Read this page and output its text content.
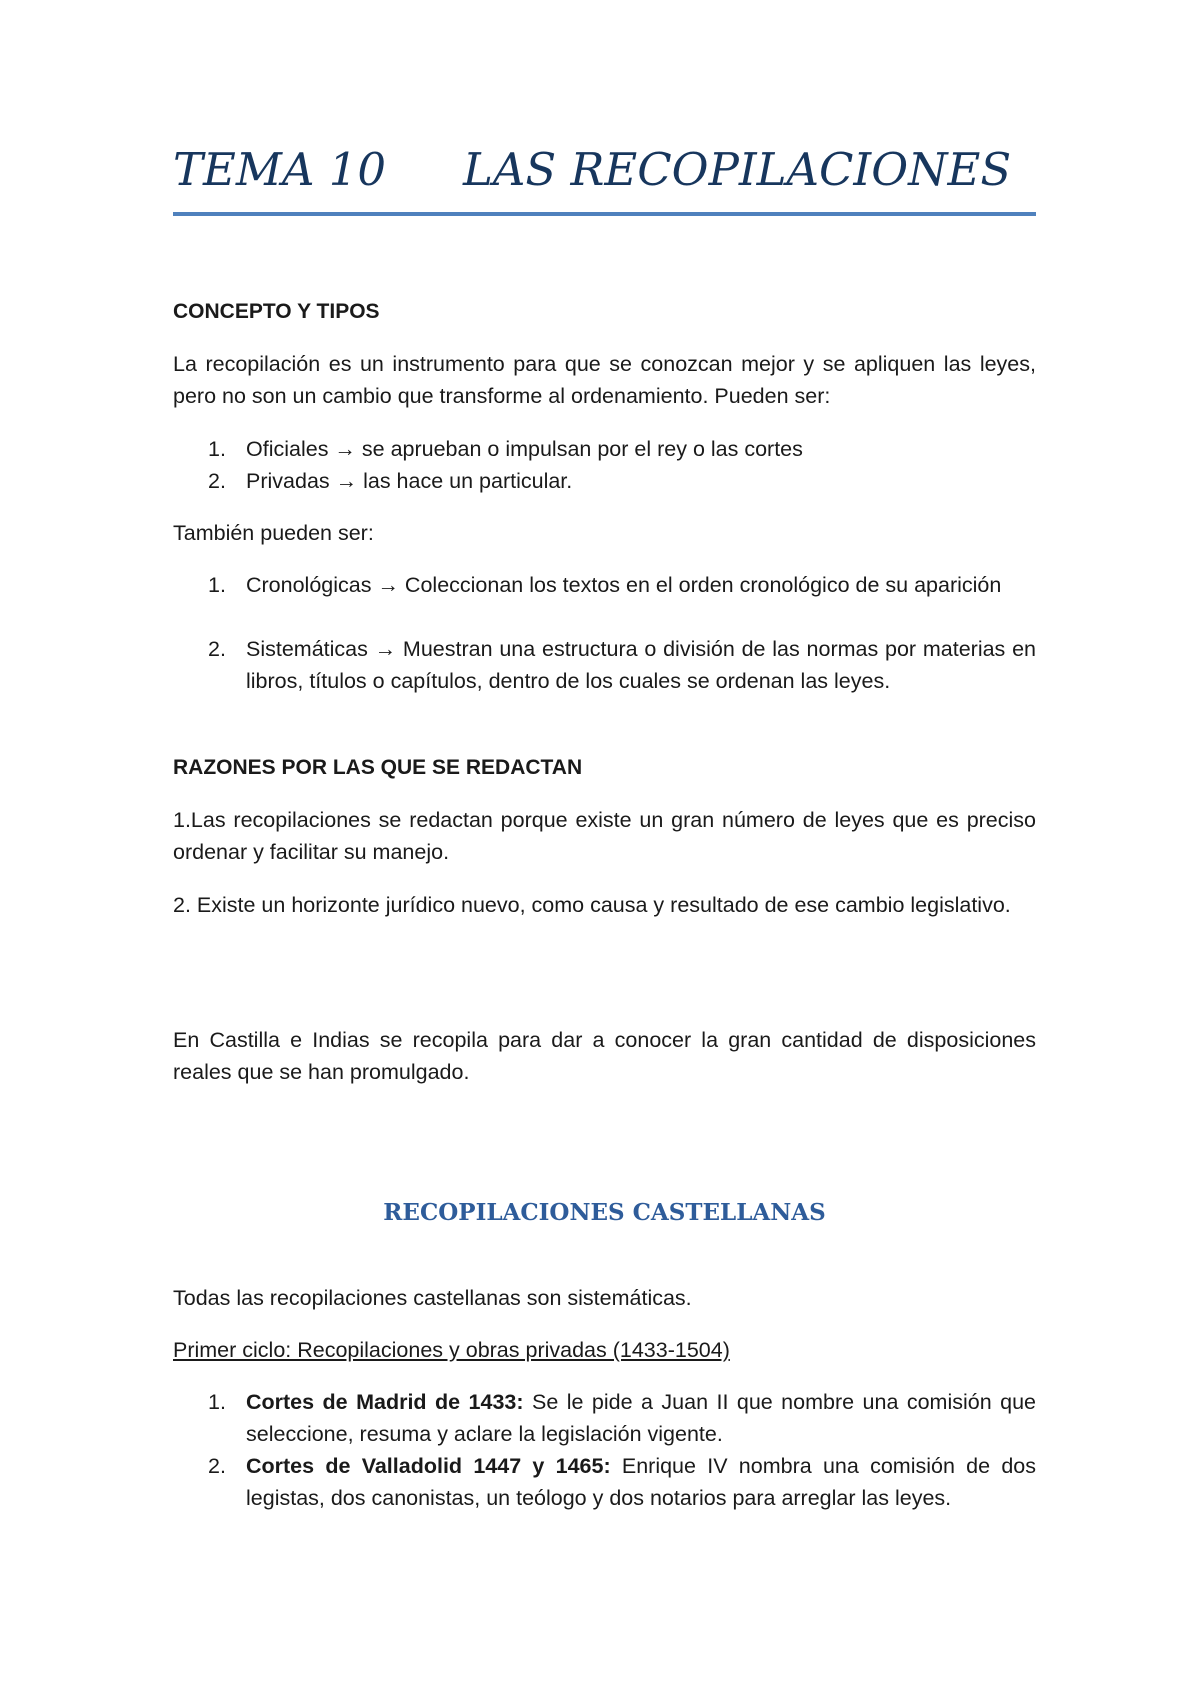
TEMA 10 LAS RECOPILACIONES
CONCEPTO Y TIPOS
La recopilación es un instrumento para que se conozcan mejor y se apliquen las leyes, pero no son un cambio que transforme al ordenamiento. Pueden ser:
1. Oficiales → se aprueban o impulsan por el rey o las cortes
2. Privadas → las hace un particular.
También pueden ser:
1. Cronológicas → Coleccionan los textos en el orden cronológico de su aparición
2. Sistemáticas → Muestran una estructura o división de las normas por materias en libros, títulos o capítulos, dentro de los cuales se ordenan las leyes.
RAZONES POR LAS QUE SE REDACTAN
1.Las recopilaciones se redactan porque existe un gran número de leyes que es preciso ordenar y facilitar su manejo.
2. Existe un horizonte jurídico nuevo, como causa y resultado de ese cambio legislativo.
En Castilla e Indias se recopila para dar a conocer la gran cantidad de disposiciones reales que se han promulgado.
RECOPILACIONES CASTELLANAS
Todas las recopilaciones castellanas son sistemáticas.
Primer ciclo: Recopilaciones y obras privadas (1433-1504)
1. Cortes de Madrid de 1433: Se le pide a Juan II que nombre una comisión que seleccione, resuma y aclare la legislación vigente.
2. Cortes de Valladolid 1447 y 1465: Enrique IV nombra una comisión de dos legistas, dos canonistas, un teólogo y dos notarios para arreglar las leyes.
